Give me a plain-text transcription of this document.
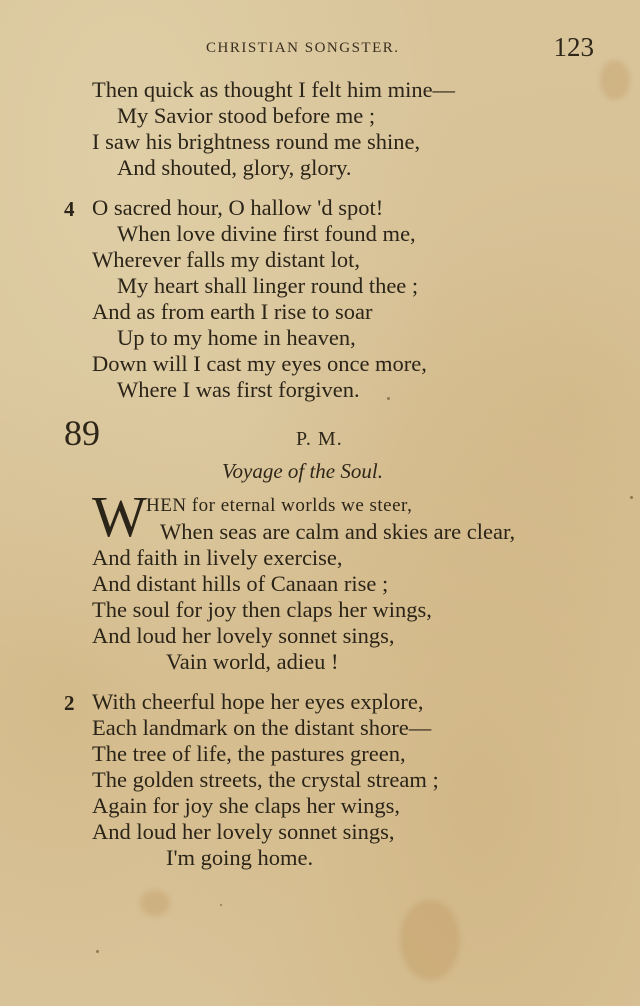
CHRISTIAN SONGSTER.	123
Then quick as thought I felt him mine—
My Savior stood before me ;
I saw his brightness round me shine,
And shouted, glory, glory.
4 O sacred hour, O hallow 'd spot!
When love divine first found me,
Wherever falls my distant lot,
My heart shall linger round thee ;
And as from earth I rise to soar
Up to my home in heaven,
Down will I cast my eyes once more,
Where I was first forgiven.
89	P. M.
Voyage of the Soul.
W HEN for eternal worlds we steer,
When seas are calm and skies are clear,
And faith in lively exercise,
And distant hills of Canaan rise ;
The soul for joy then claps her wings,
And loud her lovely sonnet sings,
Vain world, adieu !
2 With cheerful hope her eyes explore,
Each landmark on the distant shore—
The tree of life, the pastures green,
The golden streets, the crystal stream ;
Again for joy she claps her wings,
And loud her lovely sonnet sings,
I'm going home.
